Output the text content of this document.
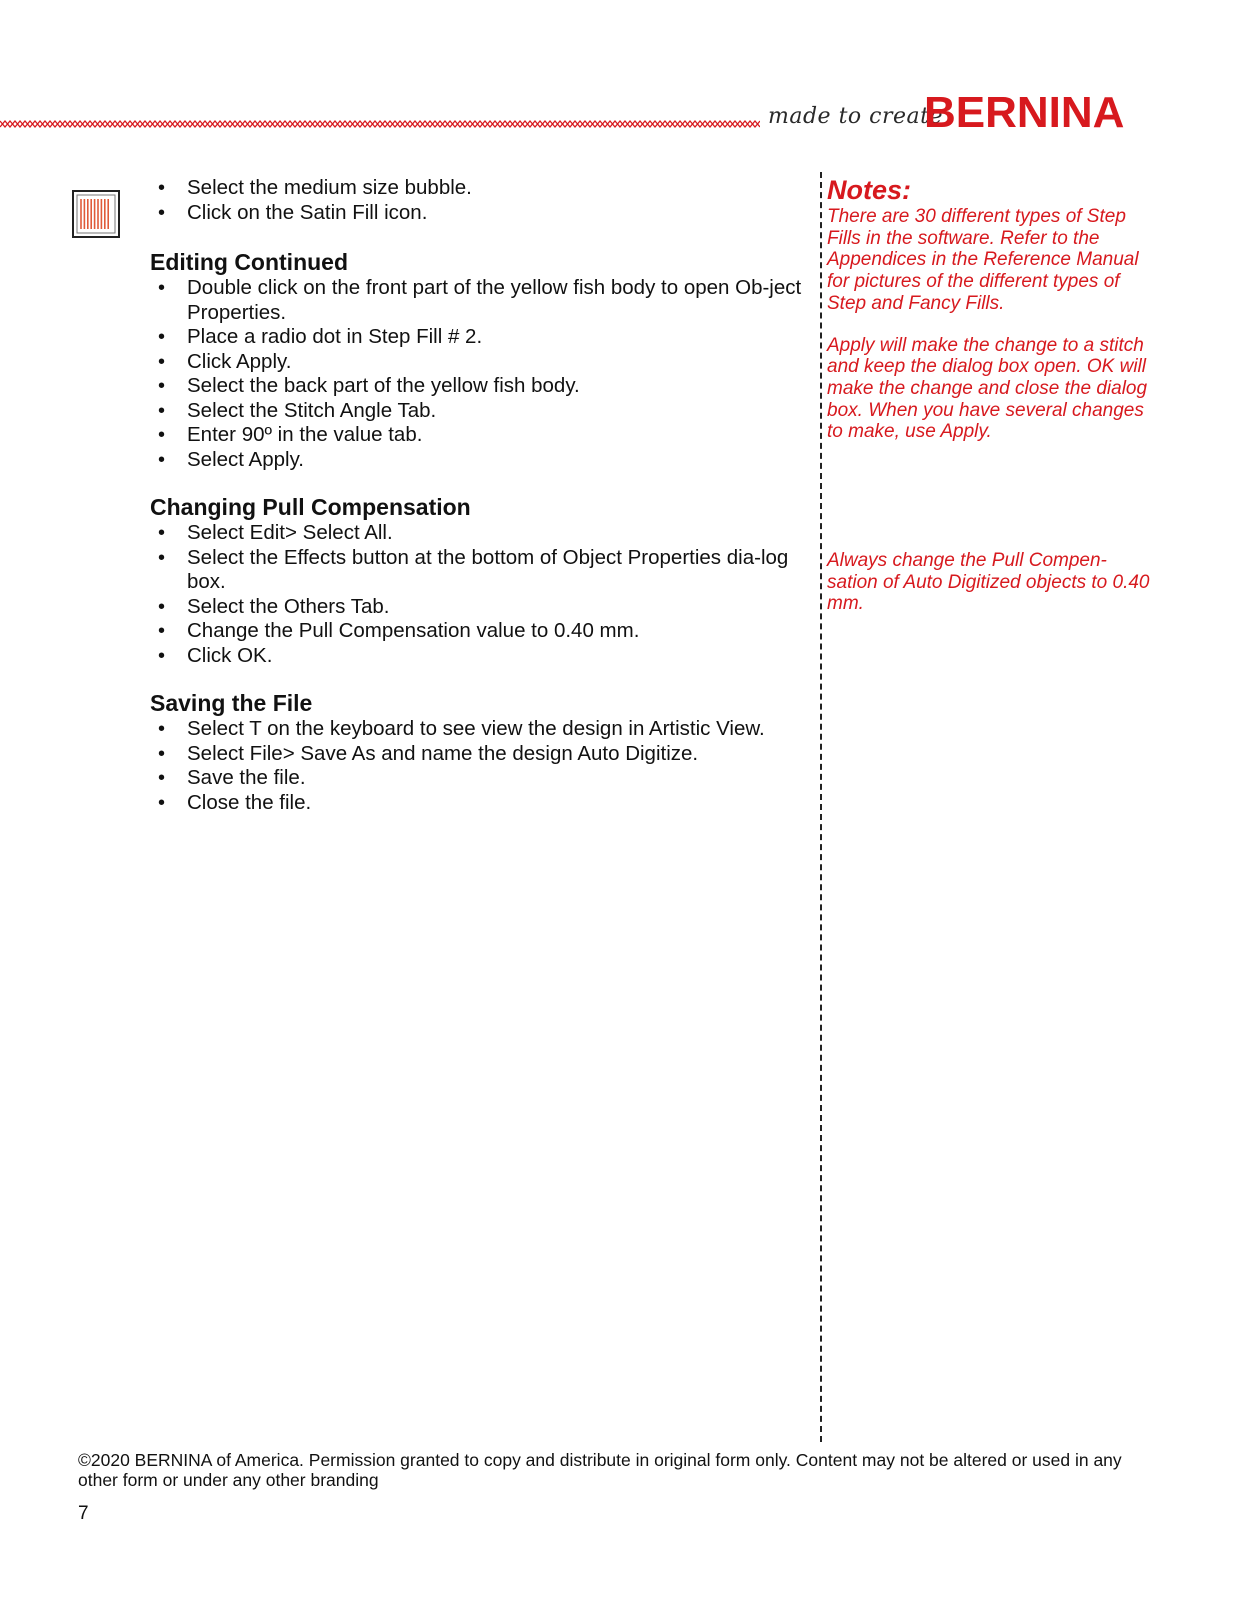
made to create
BERNINA
• Select the medium size bubble.
• Click on the Satin Fill icon.
Editing Continued
• Double click on the front part of the yellow fish body to open Ob-ject Properties.
• Place a radio dot in Step Fill # 2.
• Click Apply.
• Select the back part of the yellow fish body.
• Select the Stitch Angle Tab.
• Enter 90º in the value tab.
• Select Apply.
Changing Pull Compensation
• Select Edit> Select All.
• Select the Effects button at the bottom of Object Properties dia-log box.
• Select the Others Tab.
• Change the Pull Compensation value to 0.40 mm.
• Click OK.
Saving the File
• Select T on the keyboard to see view the design in Artistic View.
• Select File> Save As and name the design Auto Digitize.
• Save the file.
• Close the file.
Notes:

There are 30 different types of Step Fills in the software. Refer to the Appendices in the Reference Manual for pictures of the different types of Step and Fancy Fills.

Apply will make the change to a stitch and keep the dialog box open. OK will make the change and close the dialog box. When you have several changes to make, use Apply.

Always change the Pull Compen-sation of Auto Digitized objects to 0.40 mm.

©2020 BERNINA of America. Permission granted to copy and distribute in original form only. Content may not be altered or used in any other form or under any other branding
7
